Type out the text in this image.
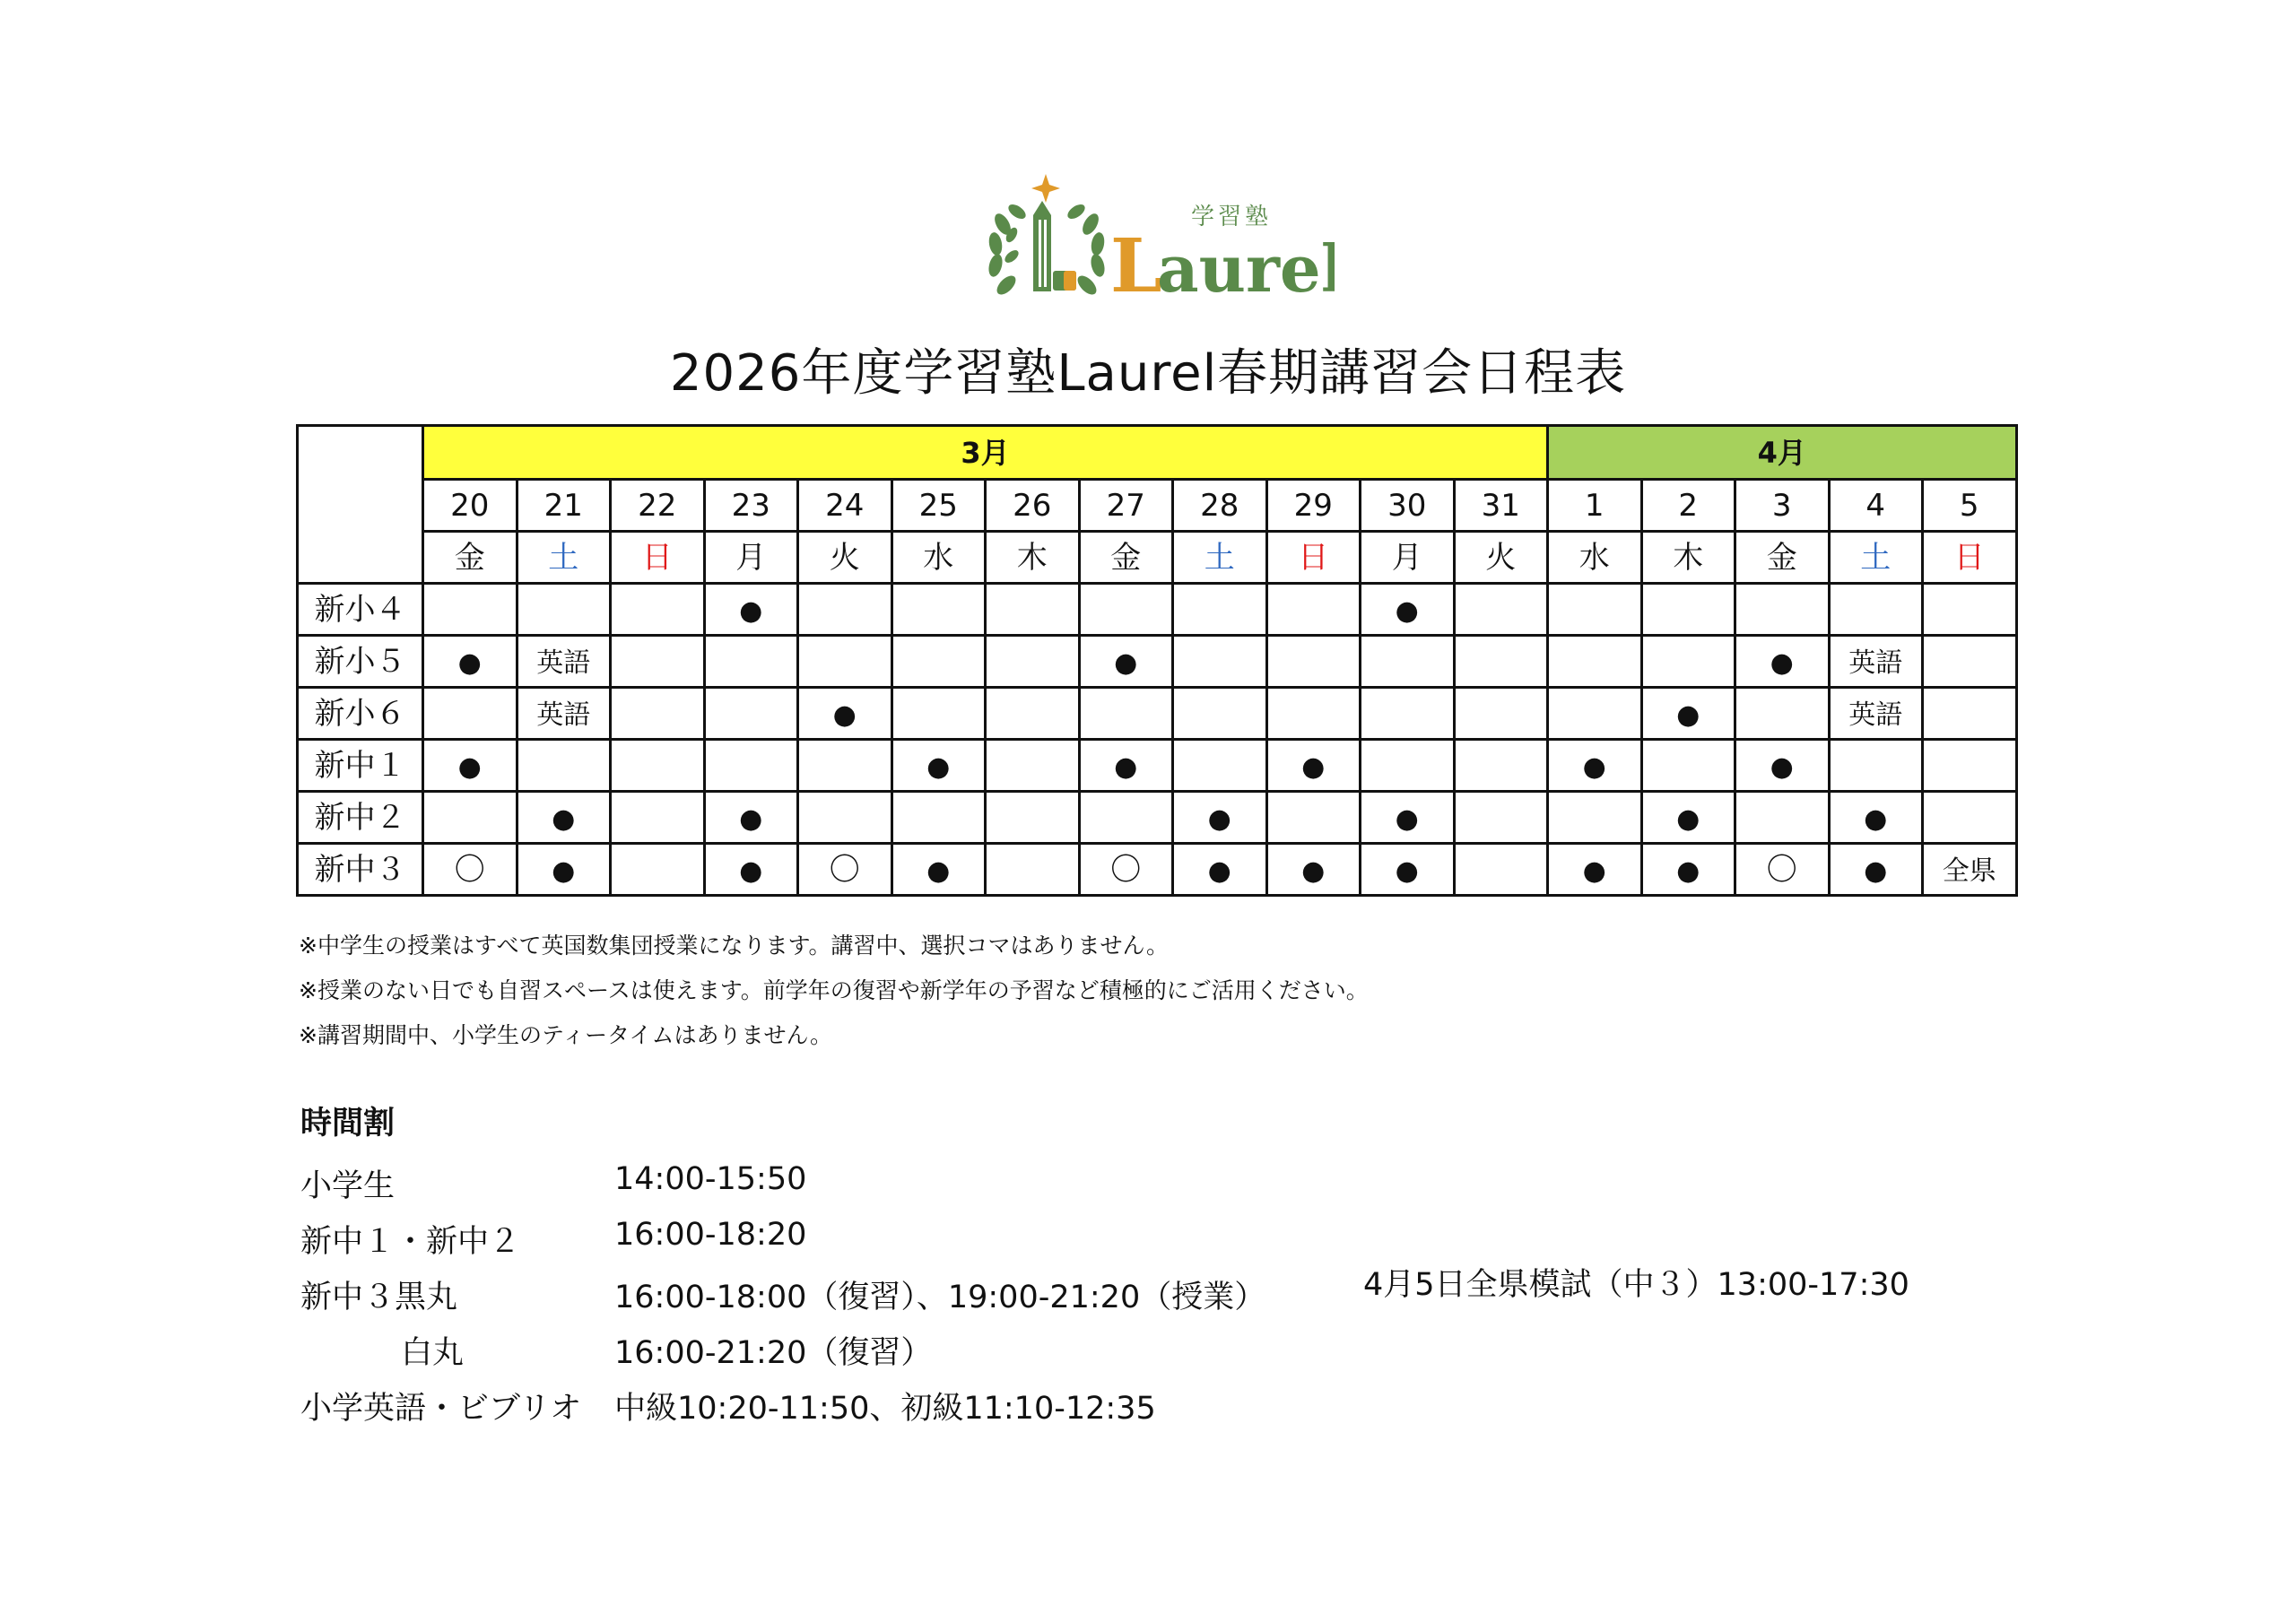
学習塾
L
aurel
2026年度学習塾Laurel春期講習会日程表
	3月												4月				
	20	21	22	23	24	25	26	27	28	29	30	31	1	2	3	4	5
	金	土	日	月	火	水	木	金	土	日	月	火	水	木	金	土	日
新小４				●							●						
新小５	●	英語						●							●	英語	
新小６		英語			●									●		英語	
新中１	●					●		●		●			●		●		
新中２		●		●					●		●			●		●	
新中３	〇	●		●	〇	●		〇	●	●	●		●	●	〇	●	全県
※中学生の授業はすべて英国数集団授業になります。講習中、選択コマはありません。
※授業のない日でも自習スペースは使えます。前学年の復習や新学年の予習など積極的にご活用ください。
※講習期間中、小学生のティータイムはありません。
時間割
小学生	14:00-15:50
新中１・新中２	16:00-18:20
新中３黒丸	16:00-18:00（復習）、19:00-21:20（授業）
白丸	16:00-21:20（復習）
小学英語・ビブリオ 中級10:20-11:50、初級11:10-12:35
4月5日全県模試（中３）13:00-17:30
